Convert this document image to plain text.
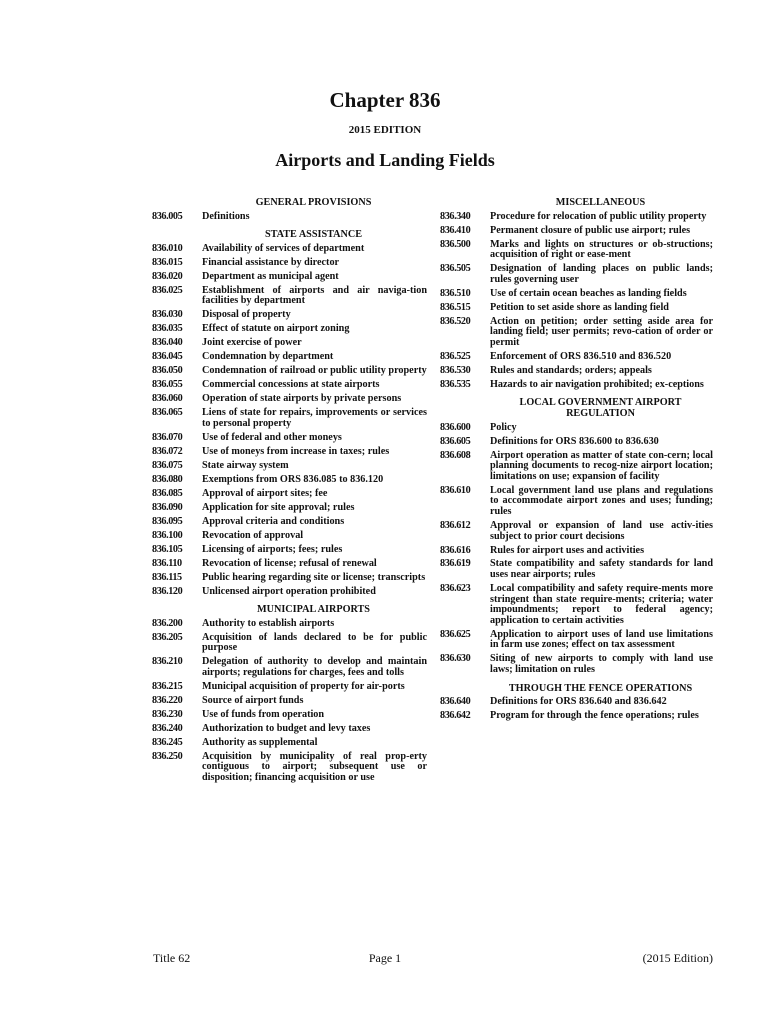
Chapter 836
2015 EDITION
Airports and Landing Fields
GENERAL PROVISIONS
836.005	Definitions
STATE ASSISTANCE
836.010	Availability of services of department
836.015	Financial assistance by director
836.020	Department as municipal agent
836.025	Establishment of airports and air naviga-tion facilities by department
836.030	Disposal of property
836.035	Effect of statute on airport zoning
836.040	Joint exercise of power
836.045	Condemnation by department
836.050	Condemnation of railroad or public utility property
836.055	Commercial concessions at state airports
836.060	Operation of state airports by private persons
836.065	Liens of state for repairs, improvements or services to personal property
836.070	Use of federal and other moneys
836.072	Use of moneys from increase in taxes; rules
836.075	State airway system
836.080	Exemptions from ORS 836.085 to 836.120
836.085	Approval of airport sites; fee
836.090	Application for site approval; rules
836.095	Approval criteria and conditions
836.100	Revocation of approval
836.105	Licensing of airports; fees; rules
836.110	Revocation of license; refusal of renewal
836.115	Public hearing regarding site or license; transcripts
836.120	Unlicensed airport operation prohibited
MUNICIPAL AIRPORTS
836.200	Authority to establish airports
836.205	Acquisition of lands declared to be for public purpose
836.210	Delegation of authority to develop and maintain airports; regulations for charges, fees and tolls
836.215	Municipal acquisition of property for air-ports
836.220	Source of airport funds
836.230	Use of funds from operation
836.240	Authorization to budget and levy taxes
836.245	Authority as supplemental
836.250	Acquisition by municipality of real prop-erty contiguous to airport; subsequent use or disposition; financing acquisition or use
MISCELLANEOUS
836.340	Procedure for relocation of public utility property
836.410	Permanent closure of public use airport; rules
836.500	Marks and lights on structures or ob-structions; acquisition of right or ease-ment
836.505	Designation of landing places on public lands; rules governing user
836.510	Use of certain ocean beaches as landing fields
836.515	Petition to set aside shore as landing field
836.520	Action on petition; order setting aside area for landing field; user permits; revo-cation of order or permit
836.525	Enforcement of ORS 836.510 and 836.520
836.530	Rules and standards; orders; appeals
836.535	Hazards to air navigation prohibited; ex-ceptions
LOCAL GOVERNMENT AIRPORT REGULATION
836.600	Policy
836.605	Definitions for ORS 836.600 to 836.630
836.608	Airport operation as matter of state con-cern; local planning documents to recog-nize airport location; limitations on use; expansion of facility
836.610	Local government land use plans and regulations to accommodate airport zones and uses; funding; rules
836.612	Approval or expansion of land use activ-ities subject to prior court decisions
836.616	Rules for airport uses and activities
836.619	State compatibility and safety standards for land uses near airports; rules
836.623	Local compatibility and safety require-ments more stringent than state require-ments; criteria; water impoundments; report to federal agency; application to certain activities
836.625	Application to airport uses of land use limitations in farm use zones; effect on tax assessment
836.630	Siting of new airports to comply with land use laws; limitation on rules
THROUGH THE FENCE OPERATIONS
836.640	Definitions for ORS 836.640 and 836.642
836.642	Program for through the fence operations; rules
Title 62	Page 1	(2015 Edition)
